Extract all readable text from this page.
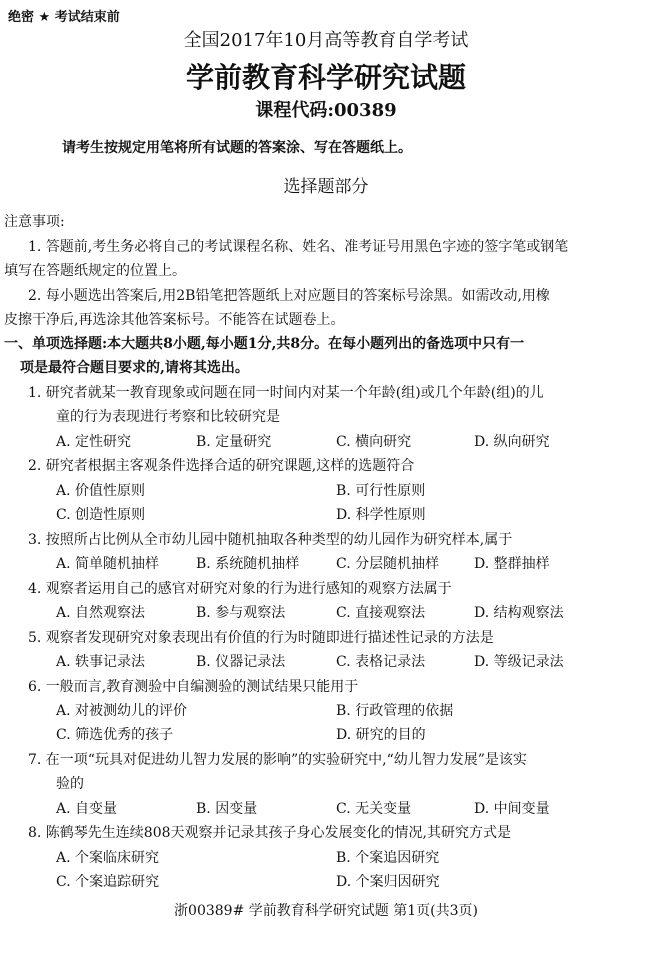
绝密 ★ 考试结束前
全国2017年10月高等教育自学考试
学前教育科学研究试题
课程代码:00389
请考生按规定用笔将所有试题的答案涂、写在答题纸上。
选择题部分
注意事项:
1. 答题前,考生务必将自己的考试课程名称、姓名、准考证号用黑色字迹的签字笔或钢笔
填写在答题纸规定的位置上。
2. 每小题选出答案后,用2B铅笔把答题纸上对应题目的答案标号涂黑。如需改动,用橡
皮擦干净后,再选涂其他答案标号。不能答在试题卷上。
一、单项选择题:本大题共8小题,每小题1分,共8分。在每小题列出的备选项中只有一
项是最符合题目要求的,请将其选出。
1. 研究者就某一教育现象或问题在同一时间内对某一个年龄(组)或几个年龄(组)的儿
童的行为表现进行考察和比较研究是
A. 定性研究	B. 定量研究	C. 横向研究	D. 纵向研究
2. 研究者根据主客观条件选择合适的研究课题,这样的选题符合
A. 价值性原则	B. 可行性原则
C. 创造性原则	D. 科学性原则
3. 按照所占比例从全市幼儿园中随机抽取各种类型的幼儿园作为研究样本,属于
A. 简单随机抽样	B. 系统随机抽样	C. 分层随机抽样 D. 整群抽样
4. 观察者运用自己的感官对研究对象的行为进行感知的观察方法属于
A. 自然观察法	B. 参与观察法	C. 直接观察法	D. 结构观察法
5. 观察者发现研究对象表现出有价值的行为时随即进行描述性记录的方法是
A. 轶事记录法	B. 仪器记录法	C. 表格记录法	D. 等级记录法
6. 一般而言,教育测验中自编测验的测试结果只能用于
A. 对被测幼儿的评价	B. 行政管理的依据
C. 筛选优秀的孩子	D. 研究的目的
7. 在一项“玩具对促进幼儿智力发展的影响”的实验研究中,“幼儿智力发展”是该实
验的
A. 自变量	B. 因变量	C. 无关变量	D. 中间变量
8. 陈鹤琴先生连续808天观察并记录其孩子身心发展变化的情况,其研究方式是
A. 个案临床研究	B. 个案追因研究
C. 个案追踪研究	D. 个案归因研究
浙00389# 学前教育科学研究试题 第1页(共3页)
